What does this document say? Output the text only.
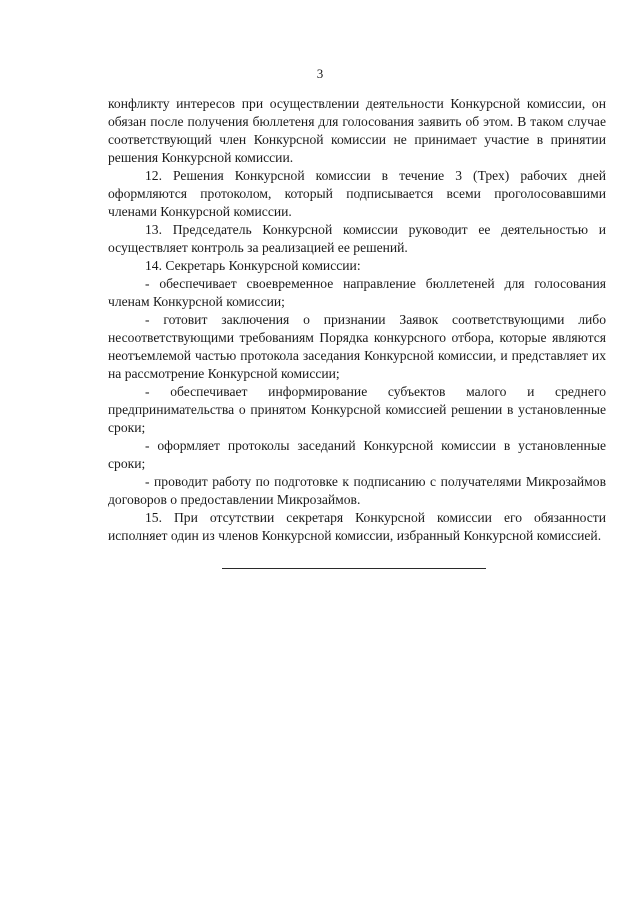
3

конфликту интересов при осуществлении деятельности Конкурсной комиссии, он обязан после получения бюллетеня для голосования заявить об этом. В таком случае соответствующий член Конкурсной комиссии не принимает участие в принятии решения Конкурсной комиссии.

12. Решения Конкурсной комиссии в течение 3 (Трех) рабочих дней оформляются протоколом, который подписывается всеми проголосовавшими членами Конкурсной комиссии.

13. Председатель Конкурсной комиссии руководит ее деятельностью и осуществляет контроль за реализацией ее решений.

14. Секретарь Конкурсной комиссии:

- обеспечивает своевременное направление бюллетеней для голосования членам Конкурсной комиссии;

- готовит заключения о признании Заявок соответствующими либо несоответствующими требованиям Порядка конкурсного отбора, которые являются неотъемлемой частью протокола заседания Конкурсной комиссии, и представляет их на рассмотрение Конкурсной комиссии;

- обеспечивает информирование субъектов малого и среднего предпринимательства о принятом Конкурсной комиссией решении в установленные сроки;

- оформляет протоколы заседаний Конкурсной комиссии в установленные сроки;

- проводит работу по подготовке к подписанию с получателями Микрозаймов договоров о предоставлении Микрозаймов.

15. При отсутствии секретаря Конкурсной комиссии его обязанности исполняет один из членов Конкурсной комиссии, избранный Конкурсной комиссией.
